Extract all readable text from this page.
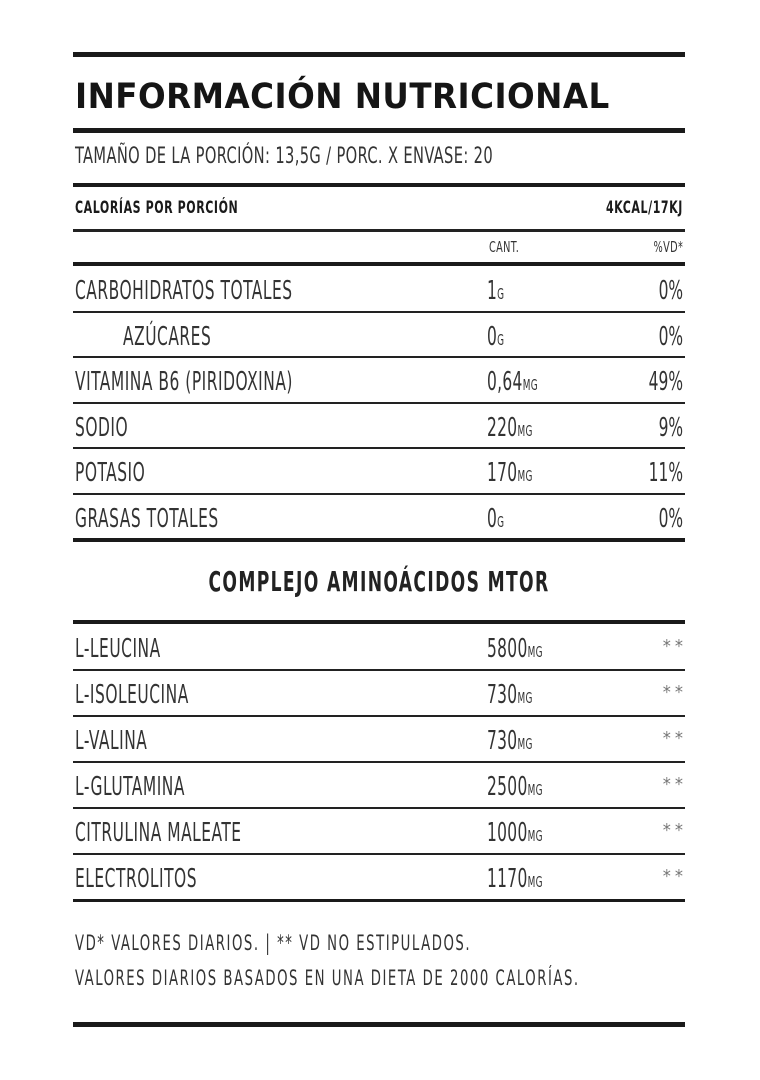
INFORMACIÓN NUTRICIONAL
TAMAÑO DE LA PORCIÓN: 13,5G / PORC. X ENVASE: 20
CALORÍAS POR PORCIÓN	4KCAL/17KJ
CANT.	%VD*
CARBOHIDRATOS TOTALES	1G	0%
AZÚCARES	0G	0%
VITAMINA B6 (PIRIDOXINA)	0,64MG	49%
SODIO	220MG	9%
POTASIO	170MG	11%
GRASAS TOTALES	0G	0%
COMPLEJO AMINOÁCIDOS MTOR
L-LEUCINA	5800MG	**
L-ISOLEUCINA	730MG	**
L-VALINA	730MG	**
L-GLUTAMINA	2500MG	**
CITRULINA MALEATE	1000MG	**
ELECTROLITOS	1170MG	**
VD* VALORES DIARIOS. | ** VD NO ESTIPULADOS.
VALORES DIARIOS BASADOS EN UNA DIETA DE 2000 CALORÍAS.
